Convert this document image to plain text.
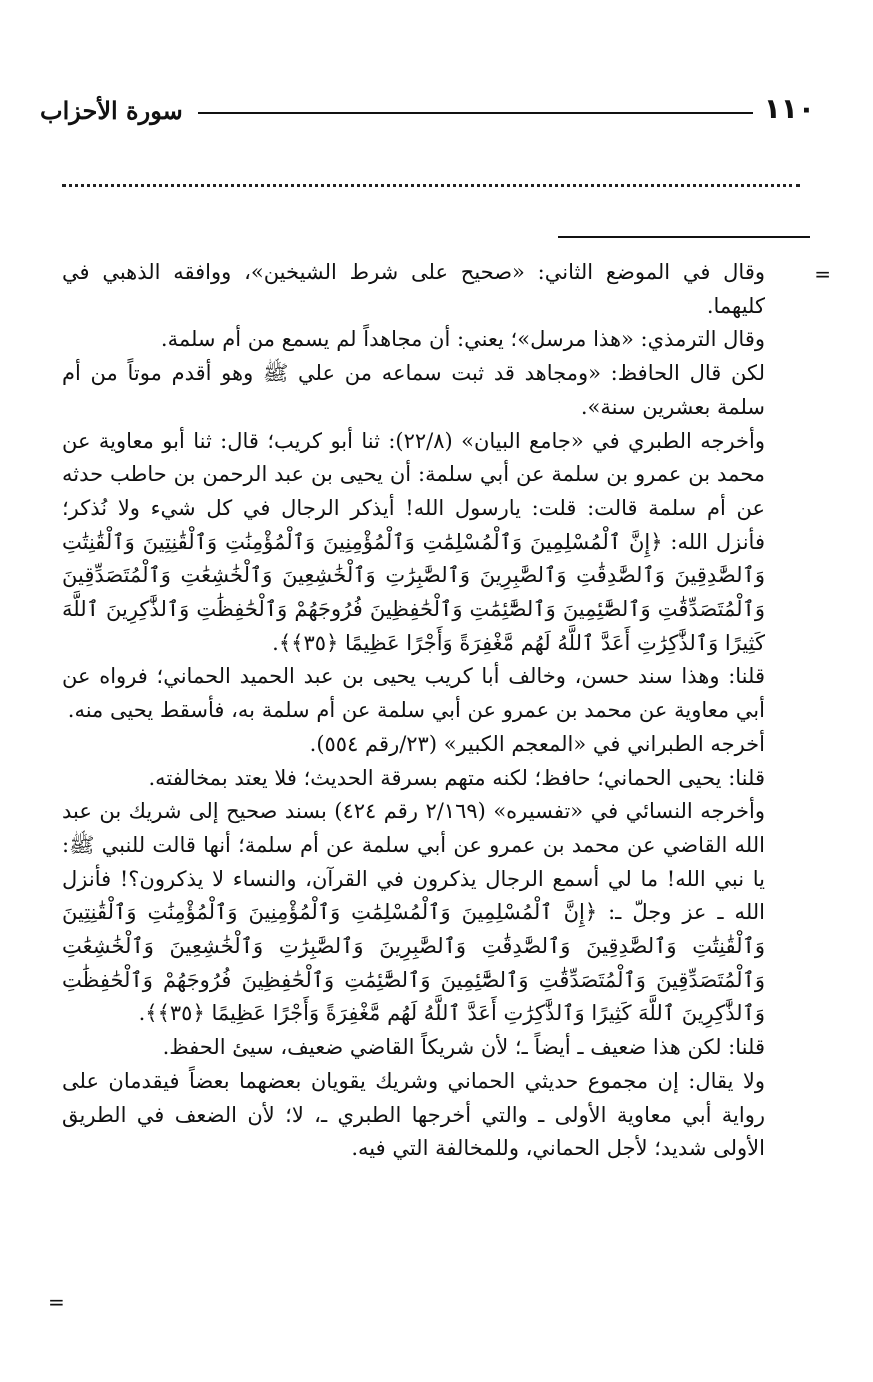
١١٠
سورة الأحزاب
=

وقال في الموضع الثاني: «صحيح على شرط الشيخين»، ووافقه الذهبي في كليهما.

وقال الترمذي: «هذا مرسل»؛ يعني: أن مجاهداً لم يسمع من أم سلمة.

لكن قال الحافظ: «ومجاهد قد ثبت سماعه من علي ﷺ وهو أقدم موتاً من أم سلمة بعشرين سنة».

وأخرجه الطبري في «جامع البيان» (٢٢/٨): ثنا أبو كريب؛ قال: ثنا أبو معاوية عن محمد بن عمرو بن سلمة عن أبي سلمة: أن يحيى بن عبد الرحمن بن حاطب حدثه عن أم سلمة قالت: قلت: يارسول الله! أيذكر الرجال في كل شيء ولا نُذكر؛ فأنزل الله: ﴿إِنَّ ٱلْمُسْلِمِينَ وَٱلْمُسْلِمَٰتِ وَٱلْمُؤْمِنِينَ وَٱلْمُؤْمِنَٰتِ وَٱلْقَٰنِتِينَ وَٱلْقَٰنِتَٰتِ وَٱلصَّٰدِقِينَ وَٱلصَّٰدِقَٰتِ وَٱلصَّٰبِرِينَ وَٱلصَّٰبِرَٰتِ وَٱلْخَٰشِعِينَ وَٱلْخَٰشِعَٰتِ وَٱلْمُتَصَدِّقِينَ وَٱلْمُتَصَدِّقَٰتِ وَٱلصَّٰٓئِمِينَ وَٱلصَّٰٓئِمَٰتِ وَٱلْحَٰفِظِينَ فُرُوجَهُمْ وَٱلْحَٰفِظَٰتِ وَٱلذَّٰكِرِينَ ٱللَّهَ كَثِيرًا وَٱلذَّٰكِرَٰتِ أَعَدَّ ٱللَّهُ لَهُم مَّغْفِرَةً وَأَجْرًا عَظِيمًا ﴿٣٥﴾﴾.

قلنا: وهذا سند حسن، وخالف أبا كريب يحيى بن عبد الحميد الحماني؛ فرواه عن أبي معاوية عن محمد بن عمرو عن أبي سلمة عن أم سلمة به، فأسقط يحيى منه.

أخرجه الطبراني في «المعجم الكبير» (٢٣/رقم ٥٥٤).

قلنا: يحيى الحماني؛ حافظ؛ لكنه متهم بسرقة الحديث؛ فلا يعتد بمخالفته.

وأخرجه النسائي في «تفسيره» (٢/١٦٩ رقم ٤٢٤) بسند صحيح إلى شريك بن عبد الله القاضي عن محمد بن عمرو عن أبي سلمة عن أم سلمة؛ أنها قالت للنبي ﷺ: يا نبي الله! ما لي أسمع الرجال يذكرون في القرآن، والنساء لا يذكرون؟! فأنزل الله ـ عز وجلّ ـ: ﴿إِنَّ ٱلْمُسْلِمِينَ وَٱلْمُسْلِمَٰتِ وَٱلْمُؤْمِنِينَ وَٱلْمُؤْمِنَٰتِ وَٱلْقَٰنِتِينَ وَٱلْقَٰنِتَٰتِ وَٱلصَّٰدِقِينَ وَٱلصَّٰدِقَٰتِ وَٱلصَّٰبِرِينَ وَٱلصَّٰبِرَٰتِ وَٱلْخَٰشِعِينَ وَٱلْخَٰشِعَٰتِ وَٱلْمُتَصَدِّقِينَ وَٱلْمُتَصَدِّقَٰتِ وَٱلصَّٰٓئِمِينَ وَٱلصَّٰٓئِمَٰتِ وَٱلْحَٰفِظِينَ فُرُوجَهُمْ وَٱلْحَٰفِظَٰتِ وَٱلذَّٰكِرِينَ ٱللَّهَ كَثِيرًا وَٱلذَّٰكِرَٰتِ أَعَدَّ ٱللَّهُ لَهُم مَّغْفِرَةً وَأَجْرًا عَظِيمًا ﴿٣٥﴾﴾.

قلنا: لكن هذا ضعيف ـ أيضاً ـ؛ لأن شريكاً القاضي ضعيف، سيئ الحفظ.

ولا يقال: إن مجموع حديثي الحماني وشريك يقويان بعضهما بعضاً فيقدمان على رواية أبي معاوية الأولى ـ والتي أخرجها الطبري ـ، لا؛ لأن الضعف في الطريق الأولى شديد؛ لأجل الحماني، وللمخالفة التي فيه.

=
